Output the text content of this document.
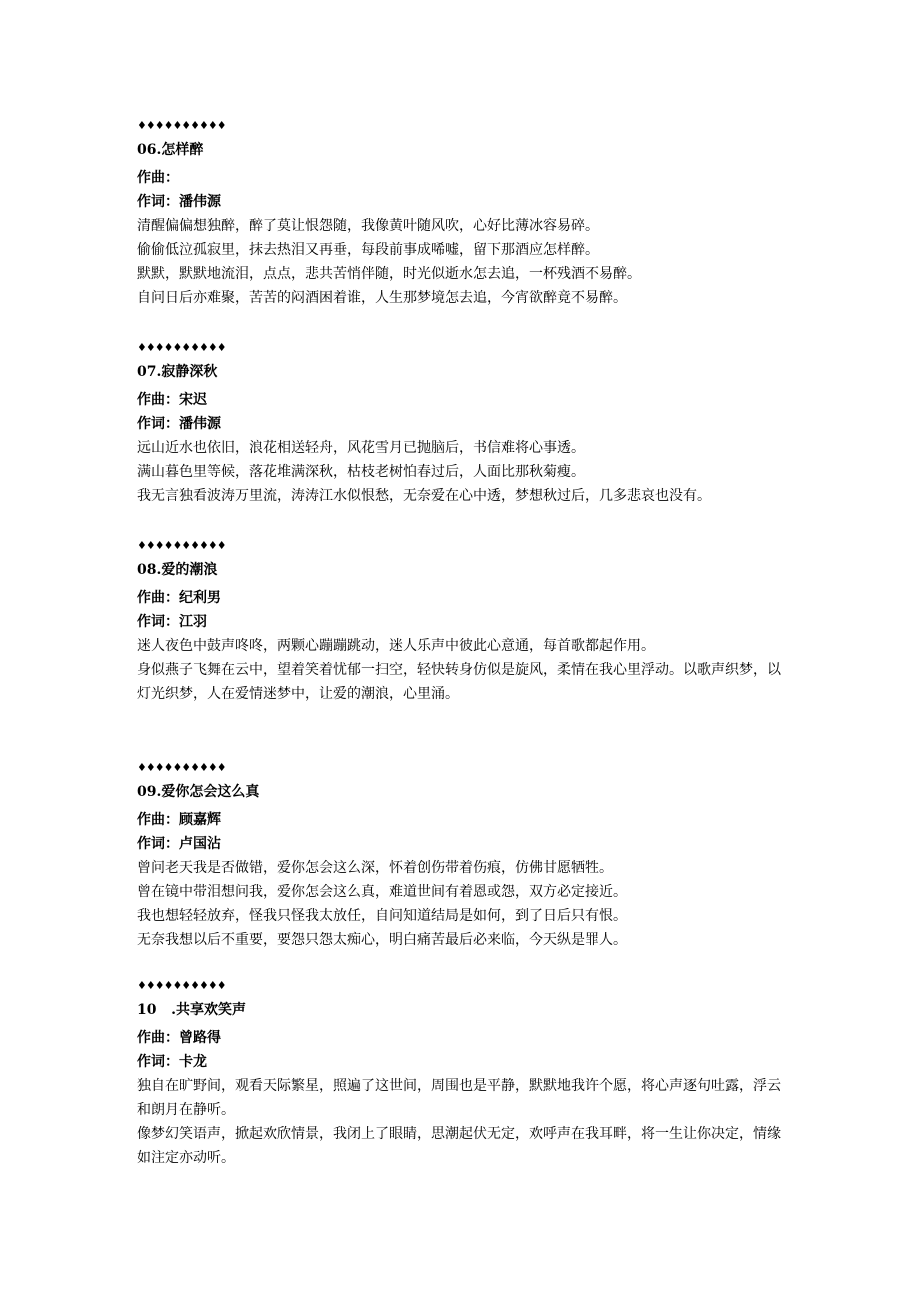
♦♦♦♦♦♦♦♦♦♦
06.怎样醉
作曲：
作词：潘伟源

清醒偏偏想独醉，醉了莫让恨怨随，我像黄叶随风吹，心好比薄冰容易碎。

偷偷低泣孤寂里，抹去热泪又再垂，每段前事成唏嘘，留下那酒应怎样醉。

默默，默默地流泪，点点，悲共苦悄伴随，时光似逝水怎去追，一杯残酒不易醉。

自问日后亦难聚，苦苦的闷酒困着谁，人生那梦境怎去追，今宵欲醉竟不易醉。

♦♦♦♦♦♦♦♦♦♦
07.寂静深秋
作曲：宋迟
作词：潘伟源

远山近水也依旧，浪花相送轻舟，风花雪月已抛脑后，书信难将心事透。

满山暮色里等候，落花堆满深秋，枯枝老树怕春过后，人面比那秋菊瘦。

我无言独看波涛万里流，涛涛江水似恨愁，无奈爱在心中透，梦想秋过后，几多悲哀也没有。

♦♦♦♦♦♦♦♦♦♦
08.爱的潮浪
作曲：纪利男
作词：江羽

迷人夜色中鼓声咚咚，两颗心蹦蹦跳动，迷人乐声中彼此心意通，每首歌都起作用。

身似燕子飞舞在云中，望着笑着忧郁一扫空，轻快转身仿似是旋风，柔情在我心里浮动。以歌声织梦，以灯光织梦，人在爱情迷梦中，让爱的潮浪，心里涌。

♦♦♦♦♦♦♦♦♦♦
09.爱你怎会这么真
作曲：顾嘉辉
作词：卢国沾

曾问老天我是否做错，爱你怎会这么深，怀着创伤带着伤痕，仿佛甘愿牺牲。

曾在镜中带泪想问我，爱你怎会这么真，难道世间有着恩或怨，双方必定接近。

我也想轻轻放弃，怪我只怪我太放任，自问知道结局是如何，到了日后只有恨。

无奈我想以后不重要，要怨只怨太痴心，明白痛苦最后必来临，今天纵是罪人。

♦♦♦♦♦♦♦♦♦♦
10   .共享欢笑声
作曲：曾路得
作词：卡龙

独自在旷野间，观看天际繁星，照遍了这世间，周围也是平静，默默地我许个愿，将心声逐句吐露，浮云和朗月在静听。

像梦幻笑语声，掀起欢欣情景，我闭上了眼睛，思潮起伏无定，欢呼声在我耳畔，将一生让你决定，情缘如注定亦动听。
